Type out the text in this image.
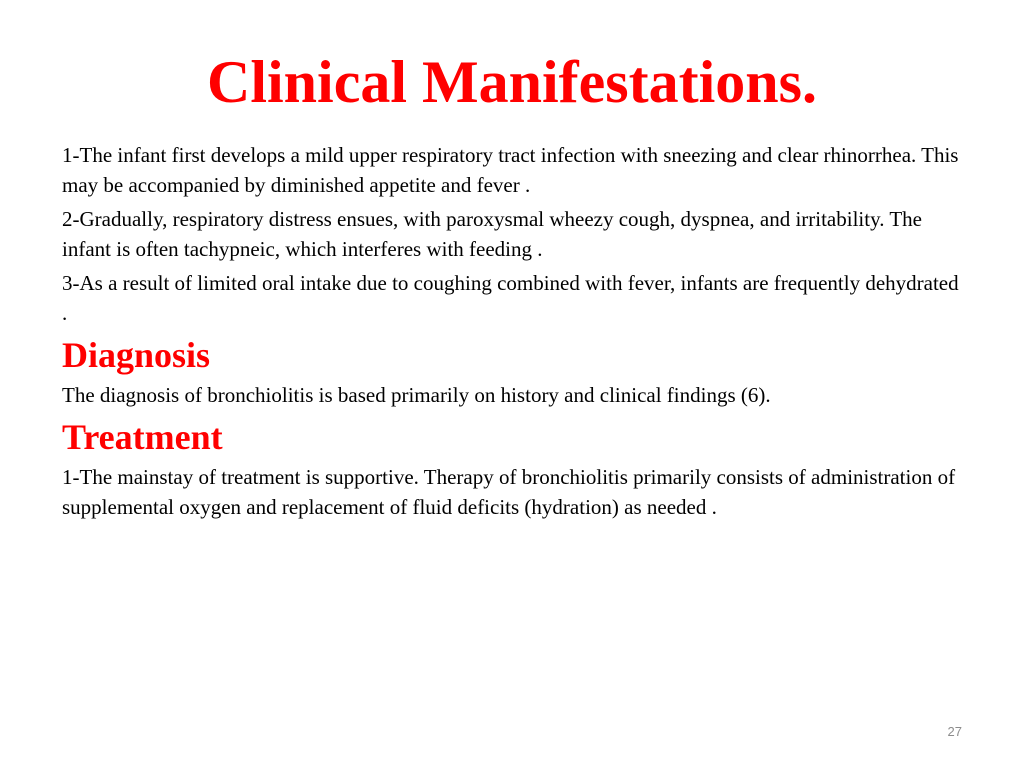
Clinical Manifestations.

1-The infant first develops a mild upper respiratory tract infection with sneezing and clear rhinorrhea. This may be accompanied by diminished appetite and fever .

2-Gradually, respiratory distress ensues, with paroxysmal wheezy cough, dyspnea, and irritability. The infant is often tachypneic, which interferes with feeding .

3-As a result of limited oral intake due to coughing combined with fever, infants are frequently dehydrated .

Diagnosis

The diagnosis of bronchiolitis is based primarily on history and clinical findings (6).

Treatment

1-The mainstay of treatment is supportive. Therapy of bronchiolitis primarily consists of administration of supplemental oxygen and replacement of fluid deficits (hydration) as needed .

27
